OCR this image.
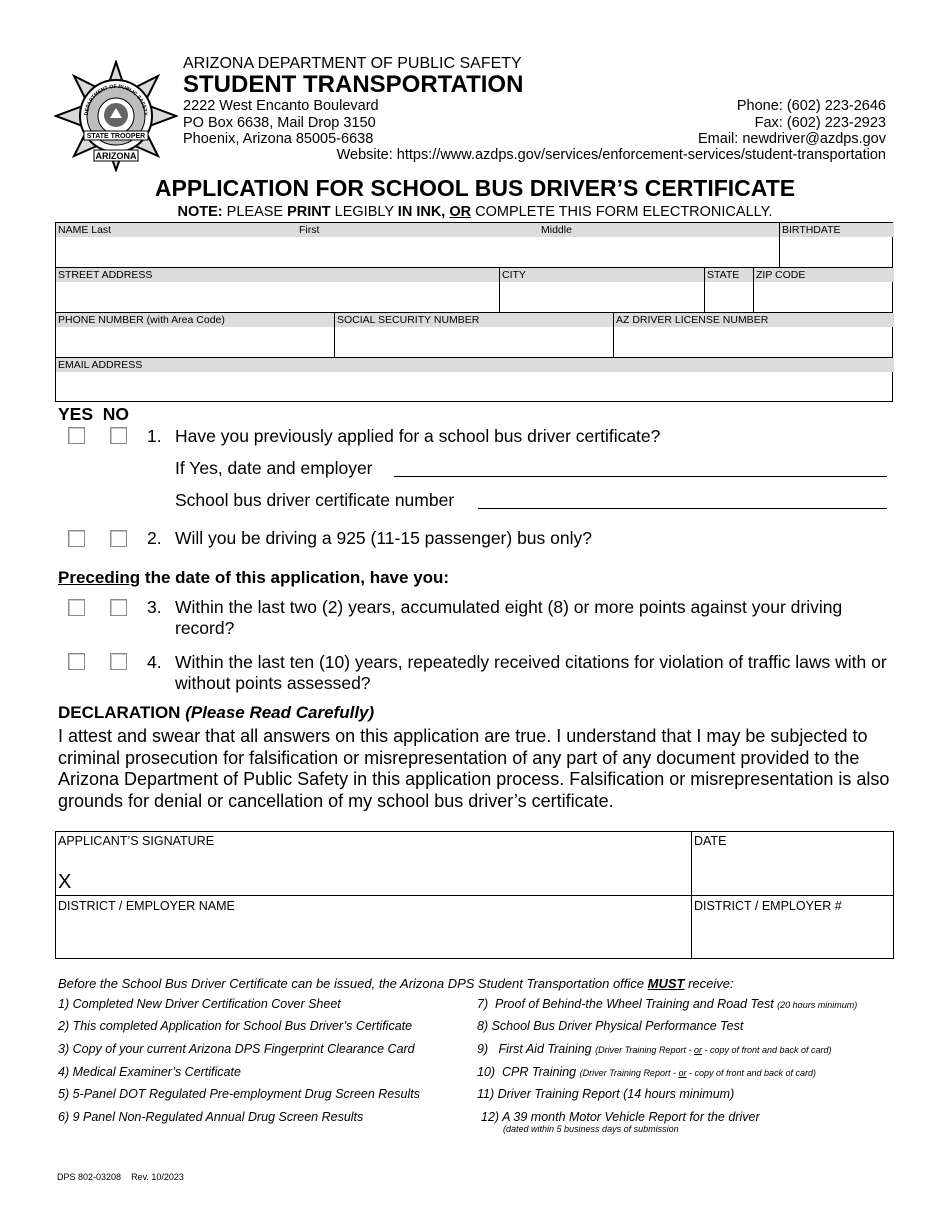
STATE TROOPER
DEPARTMENT OF PUBLIC SAFETY
ARIZONA
ARIZONA DEPARTMENT OF PUBLIC SAFETY
STUDENT TRANSPORTATION
2222 West Encanto Boulevard
PO Box 6638, Mail Drop 3150
Phoenix, Arizona 85005-6638
Phone: (602) 223-2646
Fax: (602) 223-2923
Email: newdriver@azdps.gov
Website: https://www.azdps.gov/services/enforcement-services/student-transportation
APPLICATION FOR SCHOOL BUS DRIVER’S CERTIFICATE
NOTE: PLEASE PRINT LEGIBLY IN INK, OR COMPLETE THIS FORM ELECTRONICALLY.
NAME Last	First	Middle	BIRTHDATE
STREET ADDRESS	CITY	STATE	ZIP CODE
PHONE NUMBER (with Area Code)	SOCIAL SECURITY NUMBER	AZ DRIVER LICENSE NUMBER
EMAIL ADDRESS
YES NO
1. Have you previously applied for a school bus driver certificate?
If Yes, date and employer
School bus driver certificate number
2. Will you be driving a 925 (11-15 passenger) bus only?
Preceding the date of this application, have you:
3. Within the last two (2) years, accumulated eight (8) or more points against your driving record?
4. Within the last ten (10) years, repeatedly received citations for violation of traffic laws with or without points assessed?
DECLARATION (Please Read Carefully)
I attest and swear that all answers on this application are true. I understand that I may be subjected to criminal prosecution for falsification or misrepresentation of any part of any document provided to the Arizona Department of Public Safety in this application process. Falsification or misrepresentation is also grounds for denial or cancellation of my school bus driver’s certificate.
APPLICANT’S SIGNATURE
X
DATE
DISTRICT / EMPLOYER NAME	DISTRICT / EMPLOYER #
Before the School Bus Driver Certificate can be issued, the Arizona DPS Student Transportation office MUST receive:
1) Completed New Driver Certification Cover Sheet
2) This completed Application for School Bus Driver’s Certificate
3) Copy of your current Arizona DPS Fingerprint Clearance Card
4) Medical Examiner’s Certificate
5) 5-Panel DOT Regulated Pre-employment Drug Screen Results
6) 9 Panel Non-Regulated Annual Drug Screen Results
7)  Proof of Behind-the Wheel Training and Road Test (20 hours minimum)
8) School Bus Driver Physical Performance Test
9)   First Aid Training (Driver Training Report - or - copy of front and back of card)
10)  CPR Training (Driver Training Report - or - copy of front and back of card)
11) Driver Training Report (14 hours minimum)
12) A 39 month Motor Vehicle Report for the driver
(dated within 5 business days of submission
DPS 802-03208 Rev. 10/2023
